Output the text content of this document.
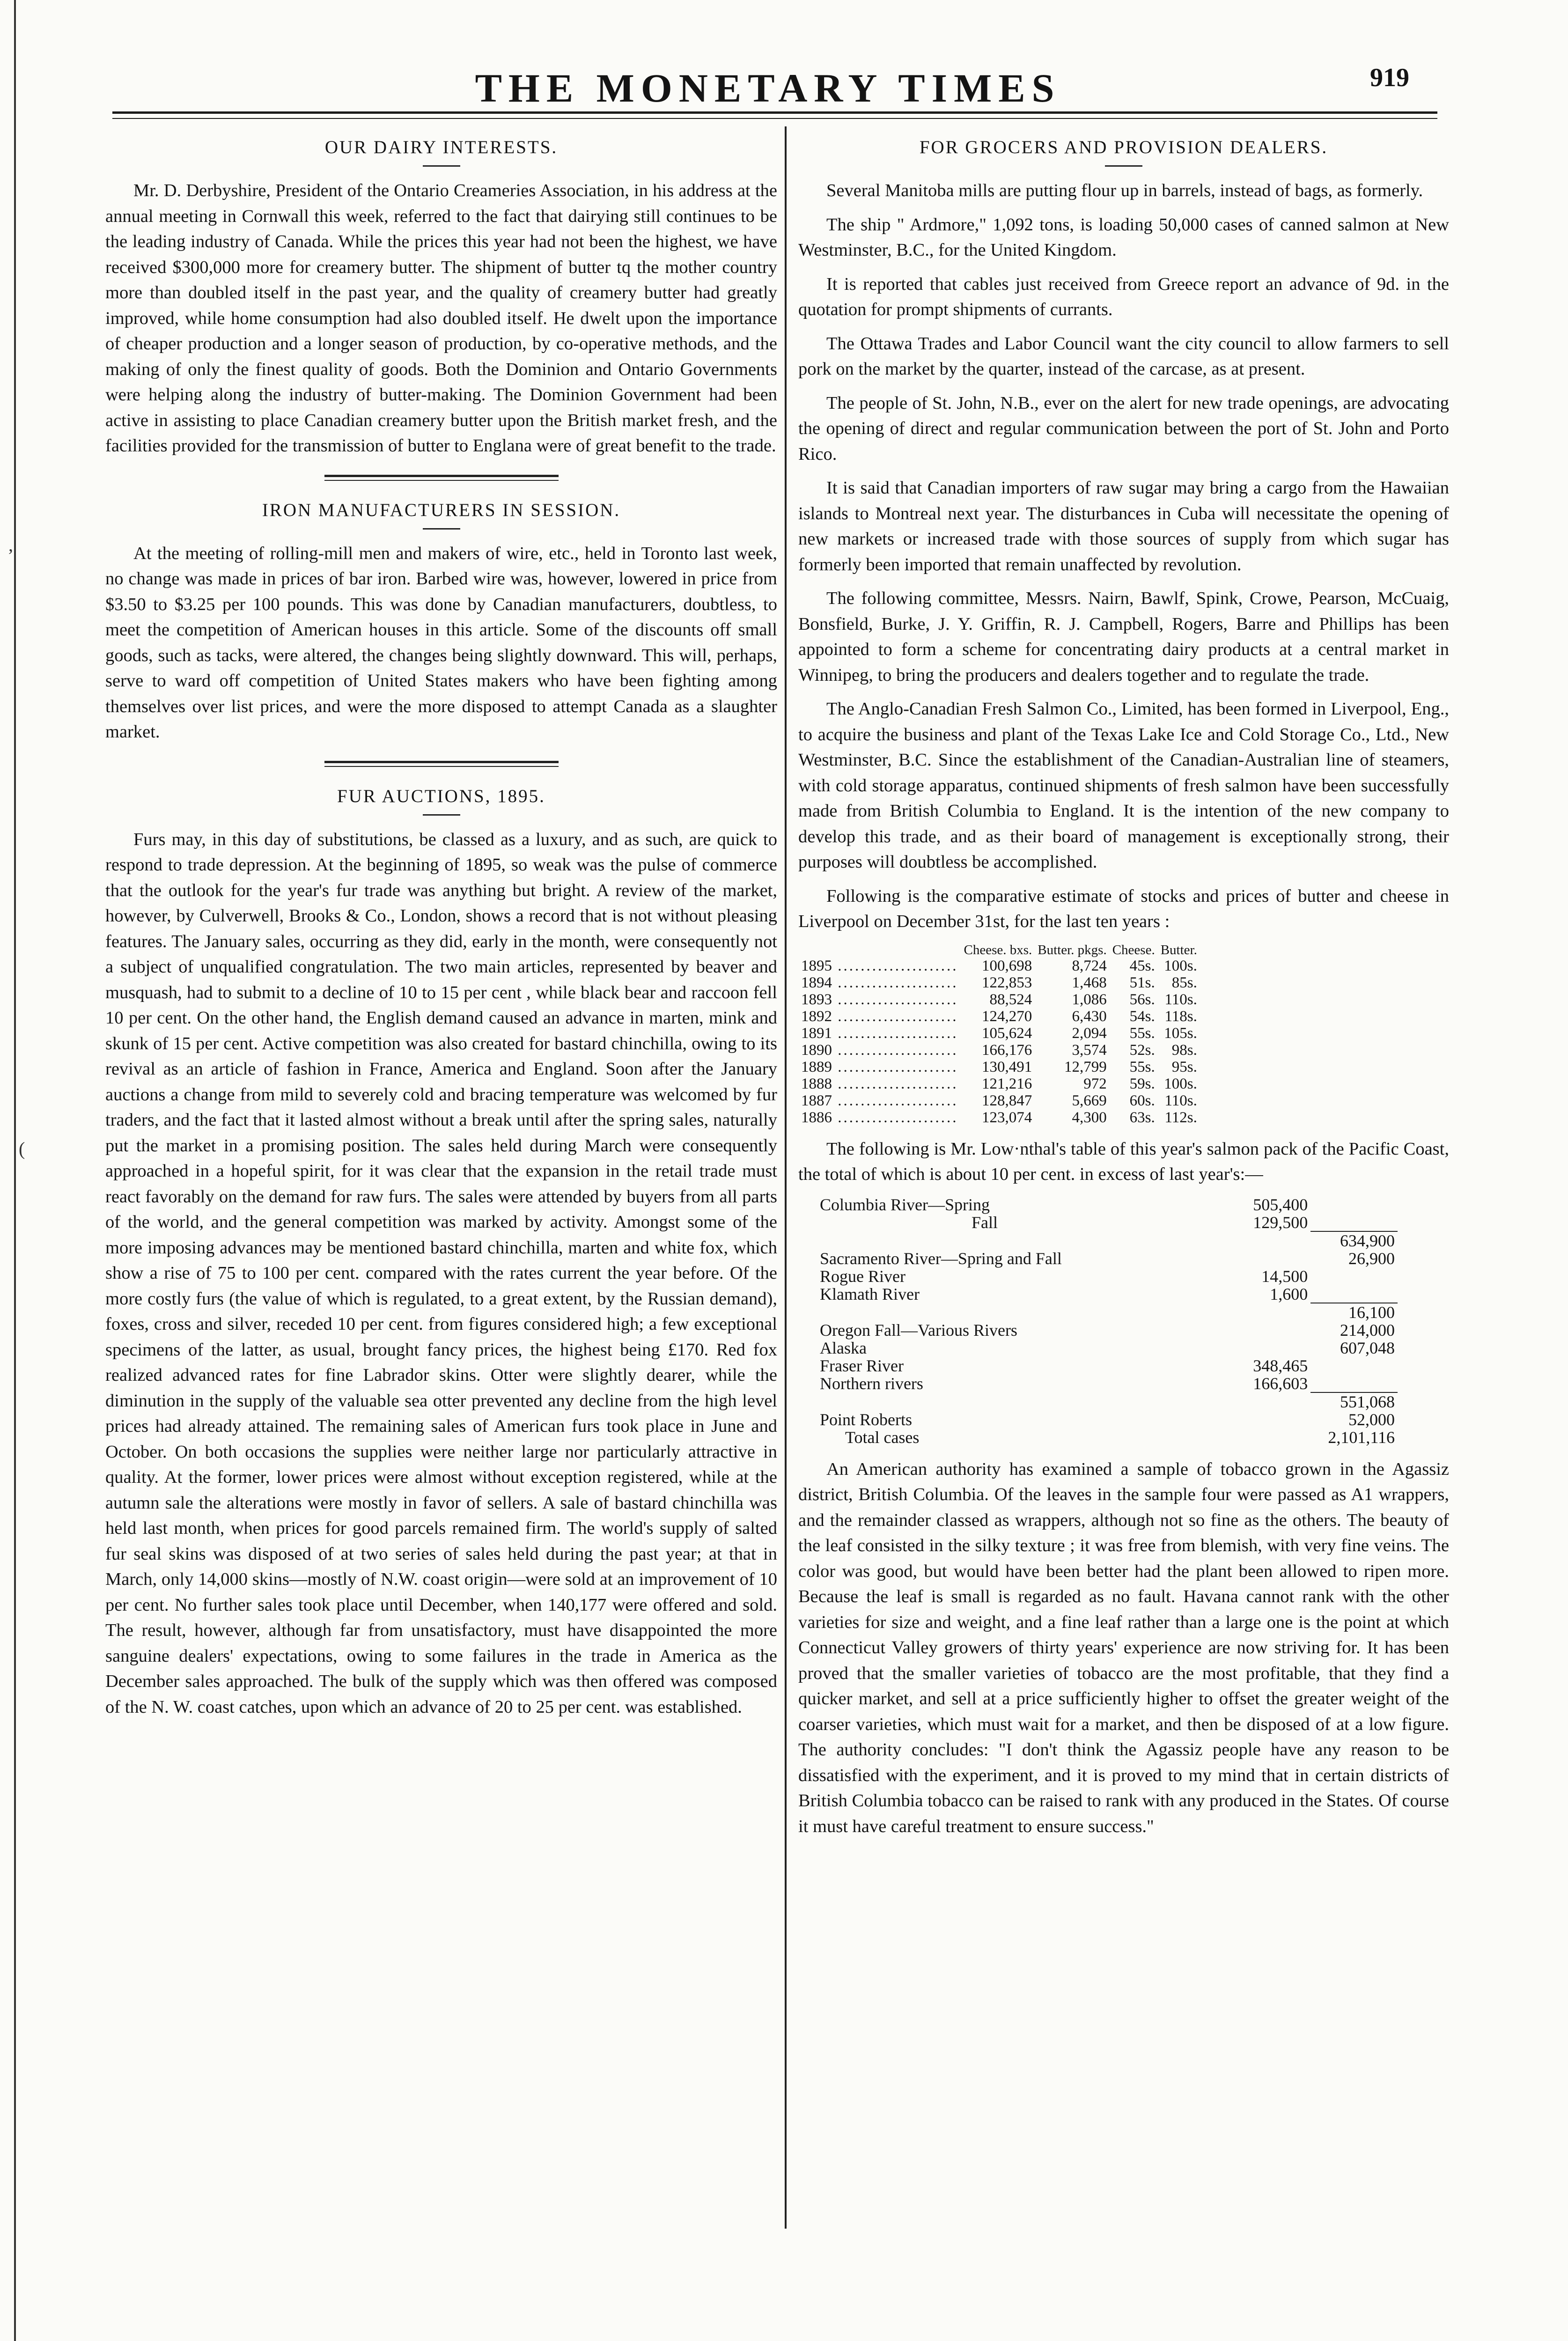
THE MONETARY TIMES	919
OUR DAIRY INTERESTS.

Mr. D. Derbyshire, President of the Ontario Creameries Association, in his address at the annual meeting in Cornwall this week, referred to the fact that dairying still continues to be the leading industry of Canada. While the prices this year had not been the highest, we have received $300,000 more for creamery butter. The shipment of butter tq the mother country more than doubled itself in the past year, and the quality of creamery butter had greatly improved, while home consumption had also doubled itself. He dwelt upon the importance of cheaper production and a longer season of production, by co-operative methods, and the making of only the finest quality of goods. Both the Dominion and Ontario Governments were helping along the industry of butter-making. The Dominion Government had been active in assisting to place Canadian creamery butter upon the British market fresh, and the facilities provided for the transmission of butter to Englana were of great benefit to the trade.

IRON MANUFACTURERS IN SESSION.

At the meeting of rolling-mill men and makers of wire, etc., held in Toronto last week, no change was made in prices of bar iron. Barbed wire was, however, lowered in price from $3.50 to $3.25 per 100 pounds. This was done by Canadian manufacturers, doubtless, to meet the competition of American houses in this article. Some of the discounts off small goods, such as tacks, were altered, the changes being slightly downward. This will, perhaps, serve to ward off competition of United States makers who have been fighting among themselves over list prices, and were the more disposed to attempt Canada as a slaughter market.

FUR AUCTIONS, 1895.

Furs may, in this day of substitutions, be classed as a luxury, and as such, are quick to respond to trade depression. At the beginning of 1895, so weak was the pulse of commerce that the outlook for the year's fur trade was anything but bright. A review of the market, however, by Culverwell, Brooks & Co., London, shows a record that is not without pleasing features. The January sales, occurring as they did, early in the month, were consequently not a subject of unqualified congratulation. The two main articles, represented by beaver and musquash, had to submit to a decline of 10 to 15 per cent , while black bear and raccoon fell 10 per cent. On the other hand, the English demand caused an advance in marten, mink and skunk of 15 per cent. Active competition was also created for bastard chinchilla, owing to its revival as an article of fashion in France, America and England. Soon after the January auctions a change from mild to severely cold and bracing temperature was welcomed by fur traders, and the fact that it lasted almost without a break until after the spring sales, naturally put the market in a promising position. The sales held during March were consequently approached in a hopeful spirit, for it was clear that the expansion in the retail trade must react favorably on the demand for raw furs. The sales were attended by buyers from all parts of the world, and the general competition was marked by activity. Amongst some of the more imposing advances may be mentioned bastard chinchilla, marten and white fox, which show a rise of 75 to 100 per cent. compared with the rates current the year before. Of the more costly furs (the value of which is regulated, to a great extent, by the Russian demand), foxes, cross and silver, receded 10 per cent. from figures considered high; a few exceptional specimens of the latter, as usual, brought fancy prices, the highest being £170. Red fox realized advanced rates for fine Labrador skins. Otter were slightly dearer, while the diminution in the supply of the valuable sea otter prevented any decline from the high level prices had already attained. The remaining sales of American furs took place in June and October. On both occasions the supplies were neither large nor particularly attractive in quality. At the former, lower prices were almost without exception registered, while at the autumn sale the alterations were mostly in favor of sellers. A sale of bastard chinchilla was held last month, when prices for good parcels remained firm. The world's supply of salted fur seal skins was disposed of at two series of sales held during the past year; at that in March, only 14,000 skins—mostly of N.W. coast origin—were sold at an improvement of 10 per cent. No further sales took place until December, when 140,177 were offered and sold. The result, however, although far from unsatisfactory, must have disappointed the more sanguine dealers' expectations, owing to some failures in the trade in America as the December sales approached. The bulk of the supply which was then offered was composed of the N. W. coast catches, upon which an advance of 20 to 25 per cent. was established.

FOR GROCERS AND PROVISION DEALERS.

Several Manitoba mills are putting flour up in barrels, instead of bags, as formerly.

The ship " Ardmore," 1,092 tons, is loading 50,000 cases of canned salmon at New Westminster, B.C., for the United Kingdom.

It is reported that cables just received from Greece report an advance of 9d. in the quotation for prompt shipments of currants.

The Ottawa Trades and Labor Council want the city council to allow farmers to sell pork on the market by the quarter, instead of the carcase, as at present.

The people of St. John, N.B., ever on the alert for new trade openings, are advocating the opening of direct and regular communication between the port of St. John and Porto Rico.

It is said that Canadian importers of raw sugar may bring a cargo from the Hawaiian islands to Montreal next year. The disturbances in Cuba will necessitate the opening of new markets or increased trade with those sources of supply from which sugar has formerly been imported that remain unaffected by revolution.

The following committee, Messrs. Nairn, Bawlf, Spink, Crowe, Pearson, McCuaig, Bonsfield, Burke, J. Y. Griffin, R. J. Campbell, Rogers, Barre and Phillips has been appointed to form a scheme for concentrating dairy products at a central market in Winnipeg, to bring the producers and dealers together and to regulate the trade.

The Anglo-Canadian Fresh Salmon Co., Limited, has been formed in Liverpool, Eng., to acquire the business and plant of the Texas Lake Ice and Cold Storage Co., Ltd., New Westminster, B.C. Since the establishment of the Canadian-Australian line of steamers, with cold storage apparatus, continued shipments of fresh salmon have been successfully made from British Columbia to England. It is the intention of the new company to develop this trade, and as their board of management is exceptionally strong, their purposes will doubtless be accomplished.

Following is the comparative estimate of stocks and prices of butter and cheese in Liverpool on December 31st, for the last ten years :

	Cheese. bxs.	Butter. pkgs.	Cheese.	Butter.
1895 .....	100,698	8,724	45s.	100s.
1894 .....	122,853	1,468	51s.	85s.
1893 .....	88,524	1,086	56s.	110s.
1892 .....	124,270	6,430	54s.	118s.
1891 .....	105,624	2,094	55s.	105s.
1890 .....	166,176	3,574	52s.	98s.
1889 .....	130,491	12,799	55s.	95s.
1888 .....	121,216	972	59s.	100s.
1887 .....	128,847	5,669	60s.	110s.
1886 .....	123,074	4,300	63s.	112s.

The following is Mr. Low·nthal's table of this year's salmon pack of the Pacific Coast, the total of which is about 10 per cent. in excess of last year's:—

Columbia River—Spring	505,400	
Fall	129,500	
		634,900
Sacramento River—Spring and Fall		26,900
Rogue River	14,500	
Klamath River	1,600	
		16,100
Oregon Fall—Various Rivers		214,000
Alaska		607,048
Fraser River	348,465	
Northern rivers	166,603	
		551,068
Point Roberts		52,000
Total cases		2,101,116

An American authority has examined a sample of tobacco grown in the Agassiz district, British Columbia. Of the leaves in the sample four were passed as A1 wrappers, and the remainder classed as wrappers, although not so fine as the others. The beauty of the leaf consisted in the silky texture ; it was free from blemish, with very fine veins. The color was good, but would have been better had the plant been allowed to ripen more. Because the leaf is small is regarded as no fault. Havana cannot rank with the other varieties for size and weight, and a fine leaf rather than a large one is the point at which Connecticut Valley growers of thirty years' experience are now striving for. It has been proved that the smaller varieties of tobacco are the most profitable, that they find a quicker market, and sell at a price sufficiently higher to offset the greater weight of the coarser varieties, which must wait for a market, and then be disposed of at a low figure. The authority concludes: "I don't think the Agassiz people have any reason to be dissatisfied with the experiment, and it is proved to my mind that in certain districts of British Columbia tobacco can be raised to rank with any produced in the States. Of course it must have careful treatment to ensure success."

,
(
